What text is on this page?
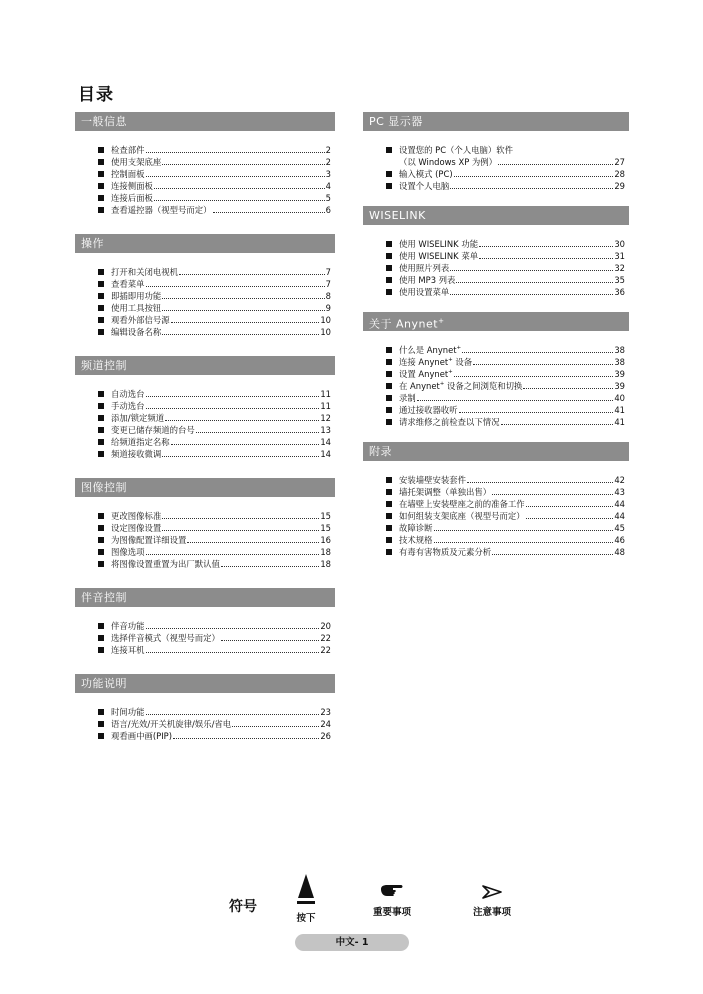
目录
一般信息
检查部件	2
使用支架底座	2
控制面板	3
连接侧面板	4
连接后面板	5
查看遥控器（视型号而定）	6
操作
打开和关闭电视机	7
查看菜单	7
即插即用功能	8
使用工具按钮	9
观看外部信号源	10
编辑设备名称	10
频道控制
自动选台	11
手动选台	11
添加/锁定频道	12
变更已储存频道的台号	13
给频道指定名称	14
频道接收微调	14
图像控制
更改图像标准	15
设定图像设置	15
为图像配置详细设置	16
图像选项	18
将图像设置重置为出厂默认值	18
伴音控制
伴音功能	20
选择伴音模式（视型号而定）	22
连接耳机	22
功能说明
时间功能	23
语言/光效/开关机旋律/娱乐/省电	24
观看画中画(PIP)	26
PC 显示器
设置您的 PC（个人电脑）软件
（以 Windows XP 为例）	27
输入模式 (PC)	28
设置个人电脑	29
WISELINK
使用 WISELINK 功能	30
使用 WISELINK 菜单	31
使用照片列表	32
使用 MP3 列表	35
使用设置菜单	36
关于 Anynet+
什么是 Anynet+	38
连接 Anynet+ 设备	38
设置 Anynet+	39
在 Anynet+ 设备之间浏览和切换	39
录制	40
通过接收器收听	41
请求维修之前检查以下情况	41
附录
安装墙壁安装套件	42
墙托架调整（单独出售）	43
在墙壁上安装壁座之前的准备工作	44
如何组装支架底座（视型号而定）	44
故障诊断	45
技术规格	46
有毒有害物质及元素分析	48
符号
按下
重要事项	注意事项
中文- 1
